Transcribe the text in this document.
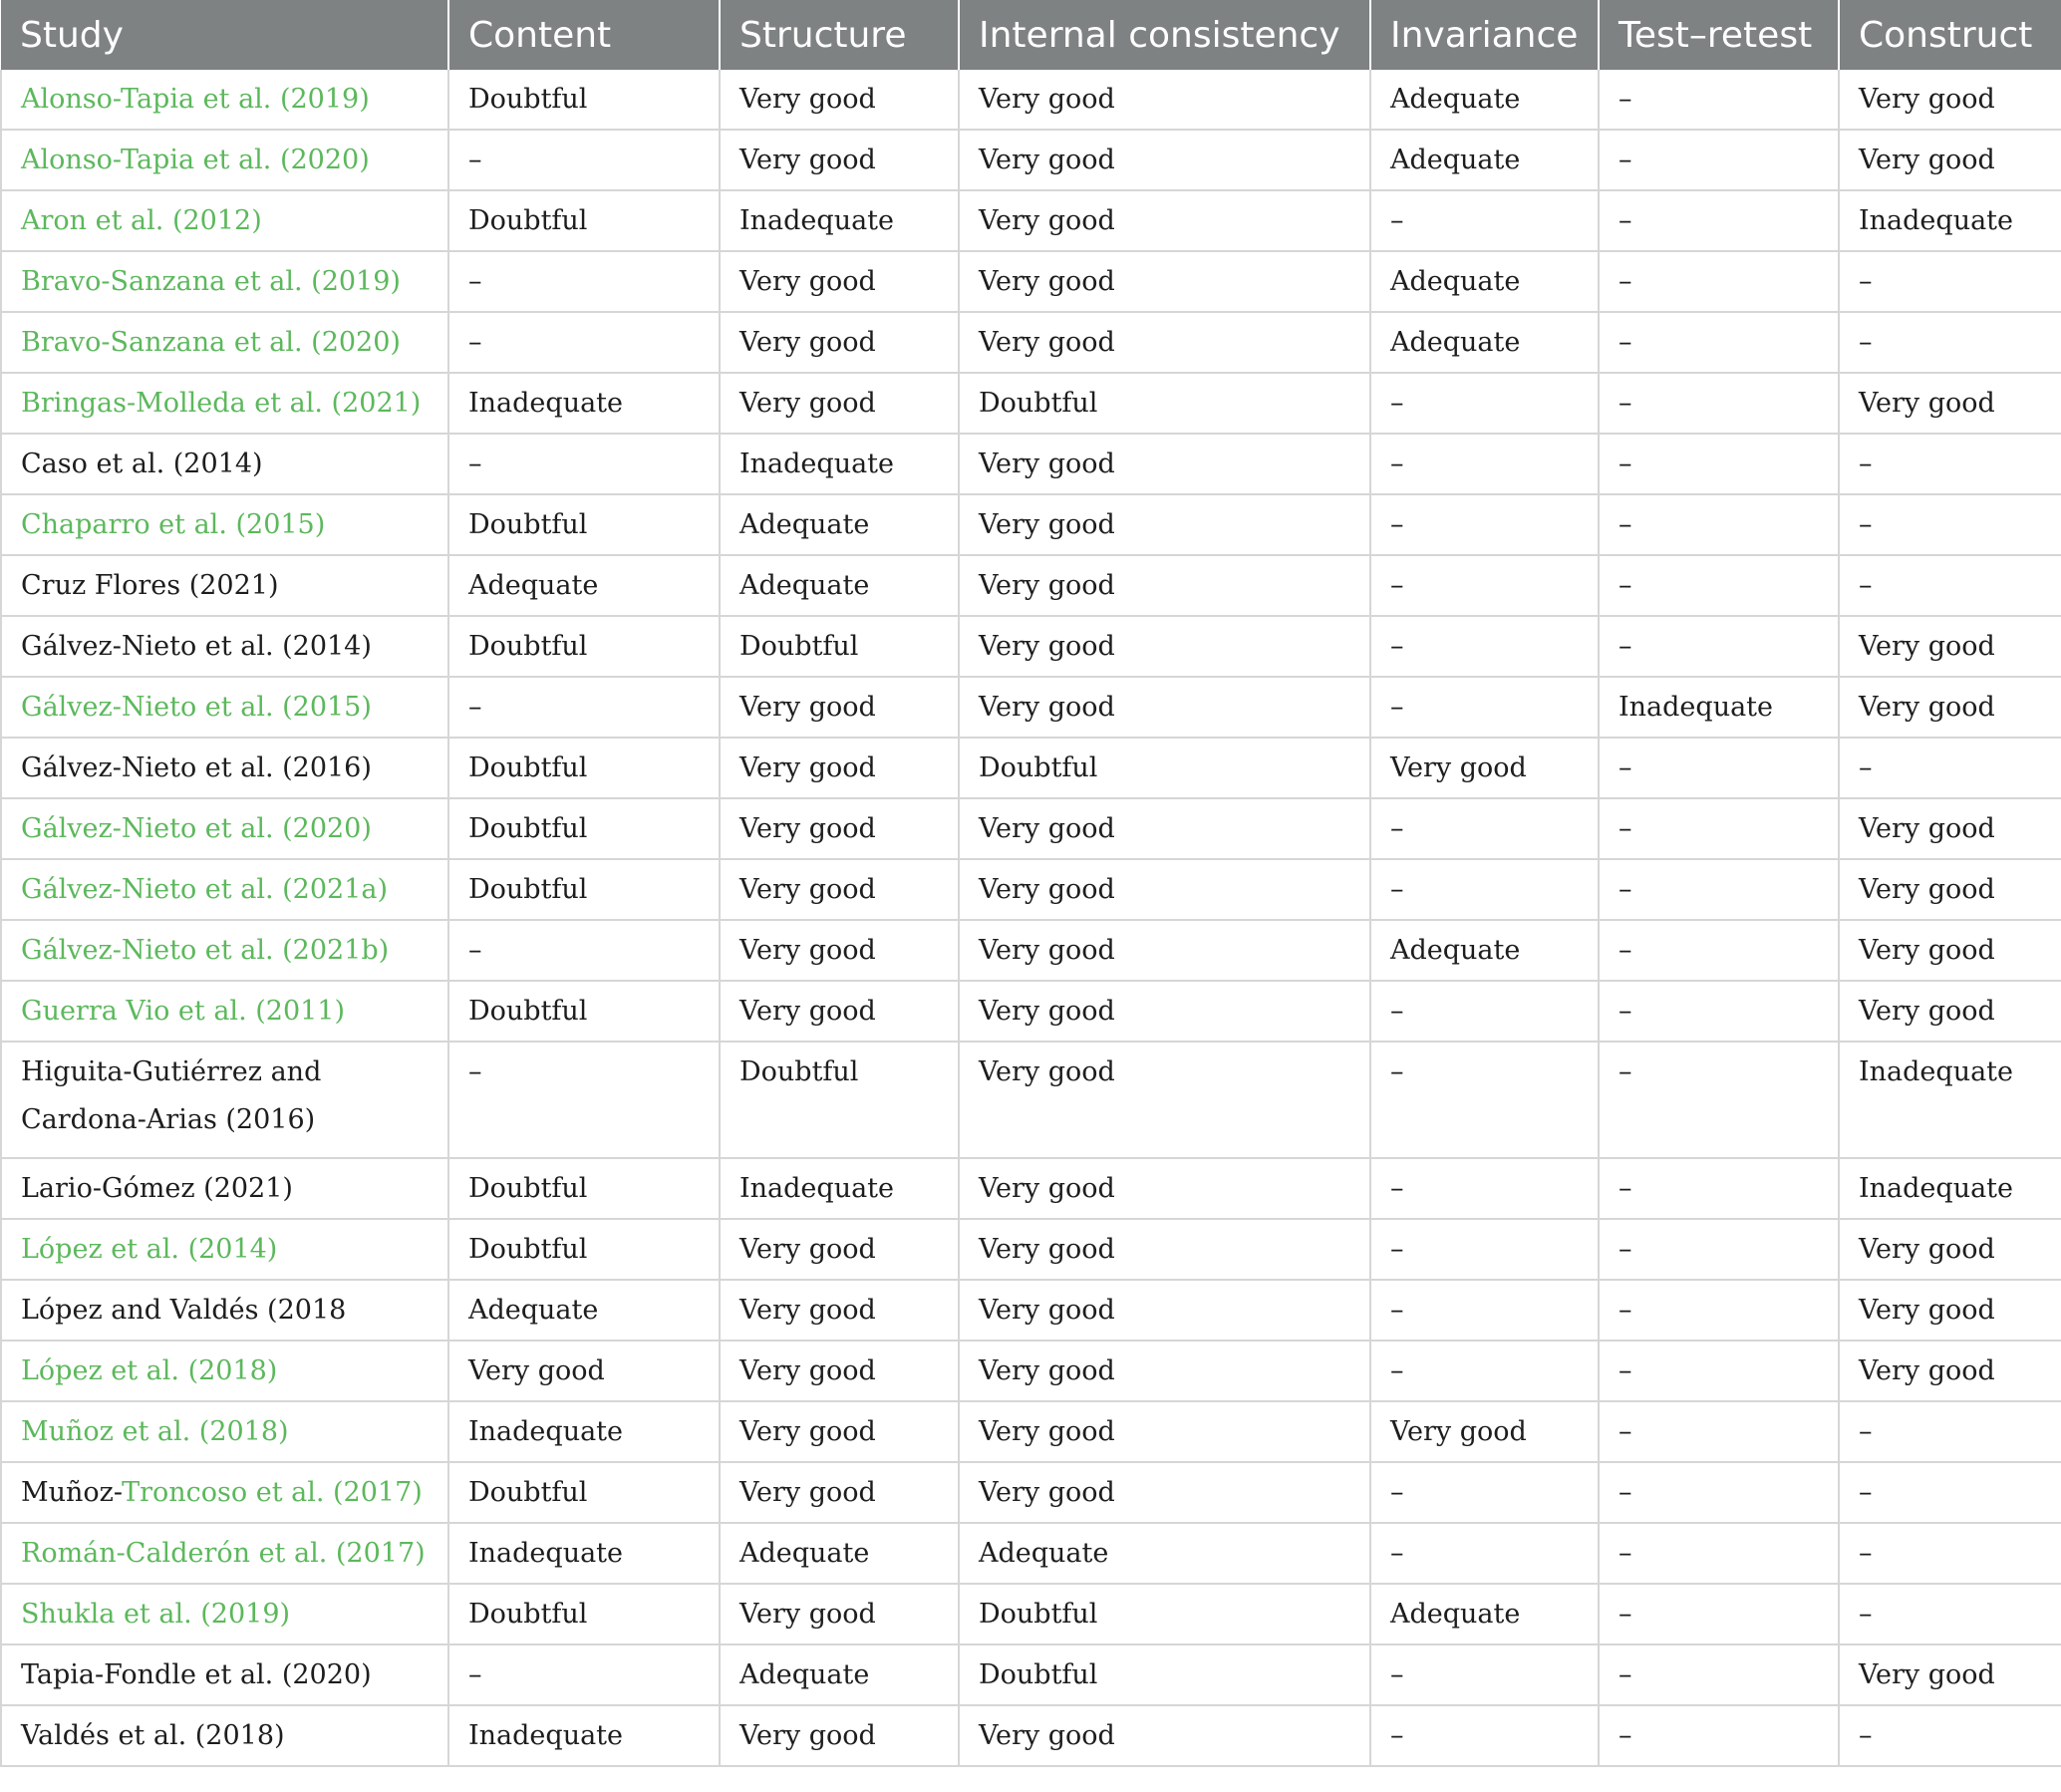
Study	Content	Structure	Internal consistency	Invariance	Test–retest	Construct
Alonso-Tapia et al. (2019)	Doubtful	Very good	Very good	Adequate	–	Very good
Alonso-Tapia et al. (2020)	–	Very good	Very good	Adequate	–	Very good
Aron et al. (2012)	Doubtful	Inadequate	Very good	–	–	Inadequate
Bravo-Sanzana et al. (2019)	–	Very good	Very good	Adequate	–	–
Bravo-Sanzana et al. (2020)	–	Very good	Very good	Adequate	–	–
Bringas-Molleda et al. (2021)	Inadequate	Very good	Doubtful	–	–	Very good
Caso et al. (2014)	–	Inadequate	Very good	–	–	–
Chaparro et al. (2015)	Doubtful	Adequate	Very good	–	–	–
Cruz Flores (2021)	Adequate	Adequate	Very good	–	–	–
Gálvez-Nieto et al. (2014)	Doubtful	Doubtful	Very good	–	–	Very good
Gálvez-Nieto et al. (2015)	–	Very good	Very good	–	Inadequate	Very good
Gálvez-Nieto et al. (2016)	Doubtful	Very good	Doubtful	Very good	–	–
Gálvez-Nieto et al. (2020)	Doubtful	Very good	Very good	–	–	Very good
Gálvez-Nieto et al. (2021a)	Doubtful	Very good	Very good	–	–	Very good
Gálvez-Nieto et al. (2021b)	–	Very good	Very good	Adequate	–	Very good
Guerra Vio et al. (2011)	Doubtful	Very good	Very good	–	–	Very good
Higuita-Gutiérrez and Cardona-Arias (2016)	–	Doubtful	Very good	–	–	Inadequate
Lario-Gómez (2021)	Doubtful	Inadequate	Very good	–	–	Inadequate
López et al. (2014)	Doubtful	Very good	Very good	–	–	Very good
López and Valdés (2018	Adequate	Very good	Very good	–	–	Very good
López et al. (2018)	Very good	Very good	Very good	–	–	Very good
Muñoz et al. (2018)	Inadequate	Very good	Very good	Very good	–	–
Muñoz-Troncoso et al. (2017)	Doubtful	Very good	Very good	–	–	–
Román-Calderón et al. (2017)	Inadequate	Adequate	Adequate	–	–	–
Shukla et al. (2019)	Doubtful	Very good	Doubtful	Adequate	–	–
Tapia-Fondle et al. (2020)	–	Adequate	Doubtful	–	–	Very good
Valdés et al. (2018)	Inadequate	Very good	Very good	–	–	–
